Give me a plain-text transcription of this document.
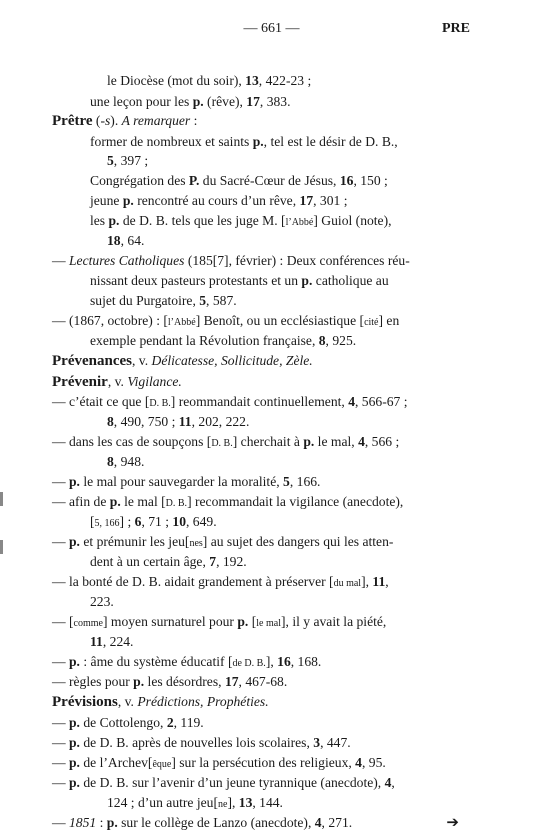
— 661 —	PRE
le Diocèse (mot du soir), 13, 422-23 ;
une leçon pour les p. (rêve), 17, 383.
Prêtre (-s). A remarquer :
former de nombreux et saints p., tel est le désir de D. B.,
5, 397 ;
Congrégation des P. du Sacré-Cœur de Jésus, 16, 150 ;
jeune p. rencontré au cours d’un rêve, 17, 301 ;
les p. de D. B. tels que les juge M. [l’Abbé] Guiol (note),
18, 64.
— Lectures Catholiques (185[7], février) : Deux conférences réu-
nissant deux pasteurs protestants et un p. catholique au
sujet du Purgatoire, 5, 587.
— (1867, octobre) : [l’Abbé] Benoît, ou un ecclésiastique [cité] en
exemple pendant la Révolution française, 8, 925.
Prévenances, v. Délicatesse, Sollicitude, Zèle.
Prévenir, v. Vigilance.
— c’était ce que [D. B.] reommandait continuellement, 4, 566-67 ;
8, 490, 750 ; 11, 202, 222.
— dans les cas de soupçons [D. B.] cherchait à p. le mal, 4, 566 ;
8, 948.
— p. le mal pour sauvegarder la moralité, 5, 166.
— afin de p. le mal [D. B.] recommandait la vigilance (anecdote),
[5, 166] ; 6, 71 ; 10, 649.
— p. et prémunir les jeu[nes] au sujet des dangers qui les atten-
dent à un certain âge, 7, 192.
— la bonté de D. B. aidait grandement à préserver [du mal], 11,
223.
— [comme] moyen surnaturel pour p. [le mal], il y avait la piété,
11, 224.
— p. : âme du système éducatif [de D. B.], 16, 168.
— règles pour p. les désordres, 17, 467-68.
Prévisions, v. Prédictions, Prophéties.
— p. de Cottolengo, 2, 119.
— p. de D. B. après de nouvelles lois scolaires, 3, 447.
— p. de l’Archev[êque] sur la persécution des religieux, 4, 95.
— p. de D. B. sur l’avenir d’un jeune tyrannique (anecdote), 4,
124 ; d’un autre jeu[ne], 13, 144.
— 1851 : p. sur le collège de Lanzo (anecdote), 4, 271.	➔
